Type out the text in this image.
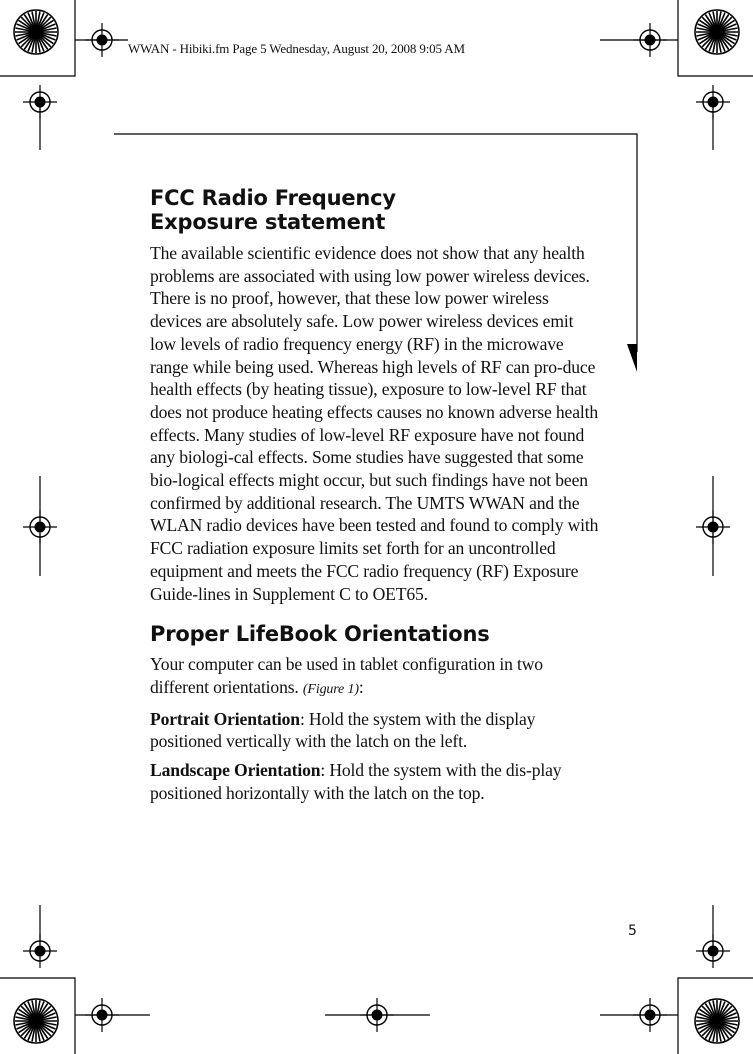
WWAN - Hibiki.fm Page 5 Wednesday, August 20, 2008 9:05 AM

FCC Radio Frequency
Exposure statement

The available scientific evidence does not show that any health problems are associated with using low power wireless devices. There is no proof, however, that these low power wireless devices are absolutely safe. Low power wireless devices emit low levels of radio frequency energy (RF) in the microwave range while being used. Whereas high levels of RF can pro-duce health effects (by heating tissue), exposure to low-level RF that does not produce heating effects causes no known adverse health effects. Many studies of low-level RF exposure have not found any biologi-cal effects. Some studies have suggested that some bio-logical effects might occur, but such findings have not been confirmed by additional research. The UMTS WWAN and the WLAN radio devices have been tested and found to comply with FCC radiation exposure limits set forth for an uncontrolled equipment and meets the FCC radio frequency (RF) Exposure Guide-lines in Supplement C to OET65.

Proper LifeBook Orientations

Your computer can be used in tablet configuration in two different orientations. (Figure 1):

Portrait Orientation: Hold the system with the display positioned vertically with the latch on the left.

Landscape Orientation: Hold the system with the dis-play positioned horizontally with the latch on the top.

5
